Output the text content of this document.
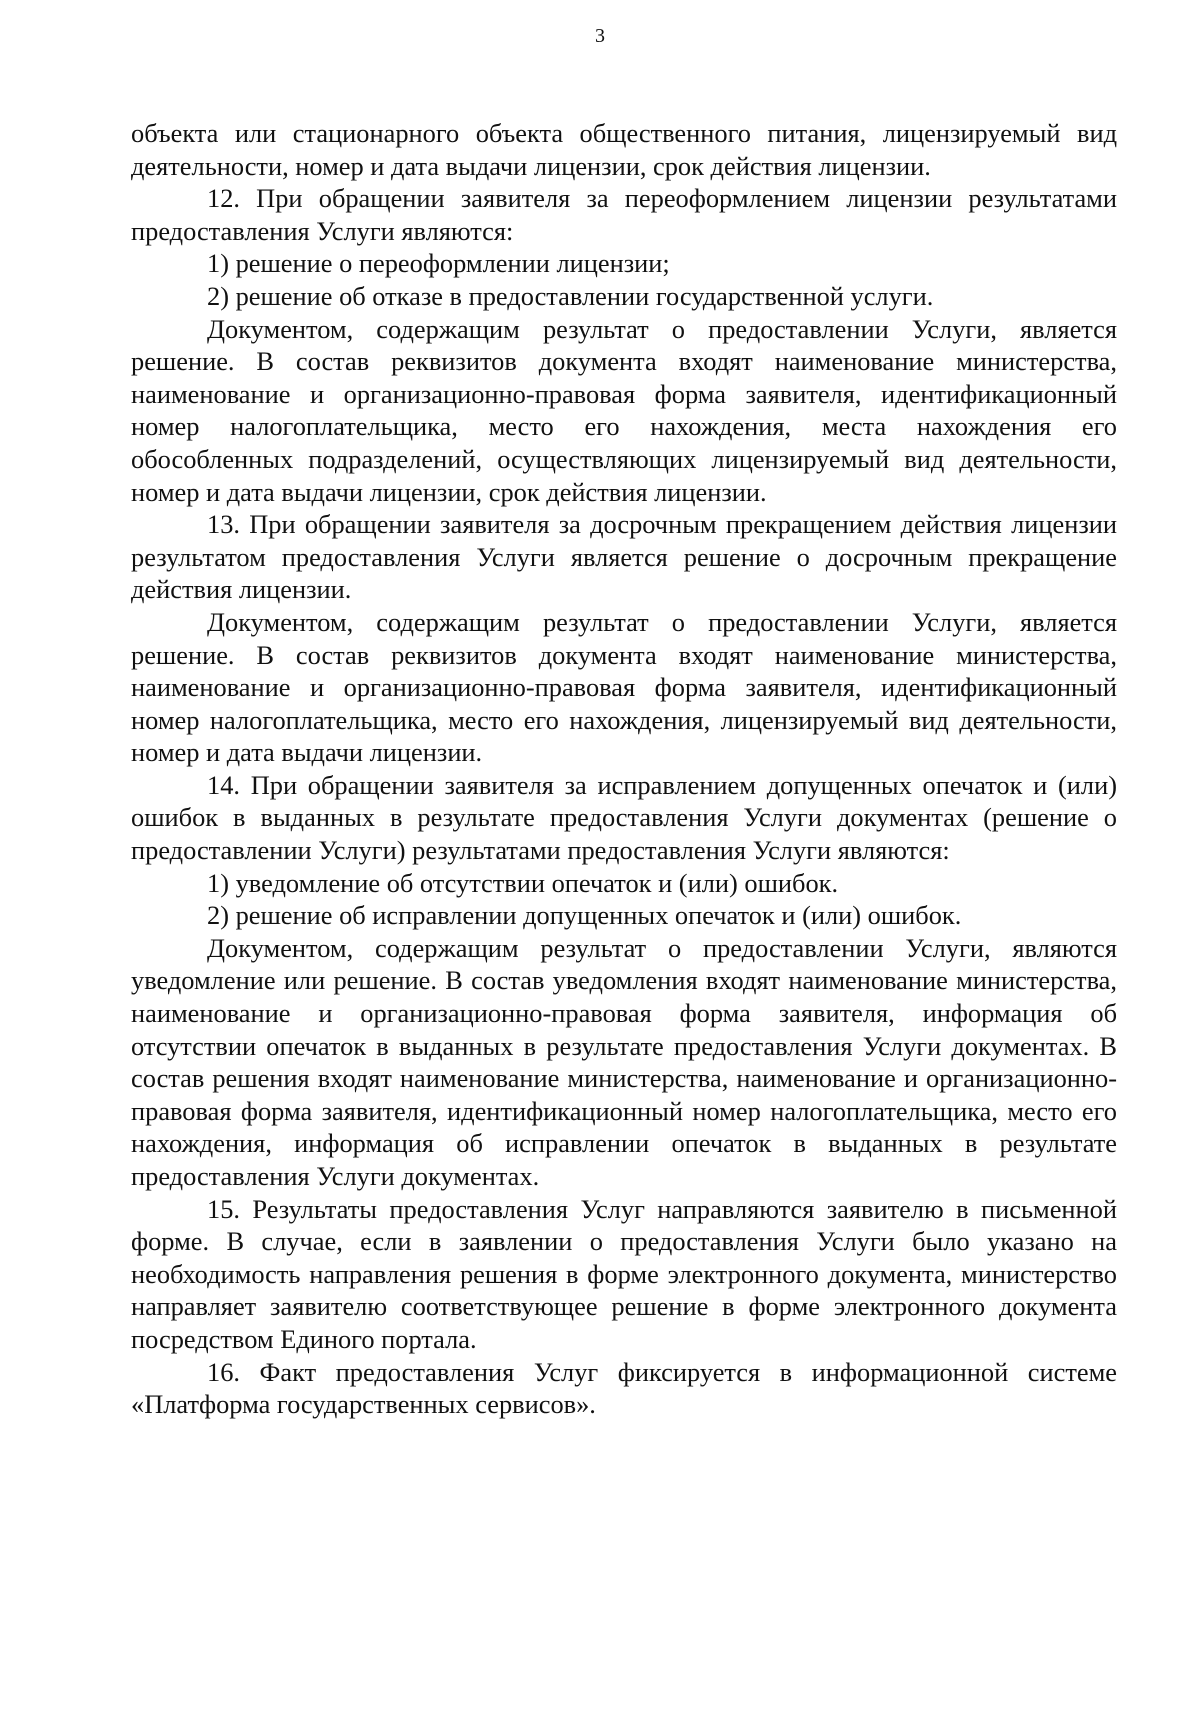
3

объекта или стационарного объекта общественного питания, лицензируемый вид деятельности, номер и дата выдачи лицензии, срок действия лицензии.

12. При обращении заявителя за переоформлением лицензии результатами предоставления Услуги являются:

1) решение о переоформлении лицензии;

2) решение об отказе в предоставлении государственной услуги.

Документом, содержащим результат о предоставлении Услуги, является решение. В состав реквизитов документа входят наименование министерства, наименование и организационно-правовая форма заявителя, идентификационный номер налогоплательщика, место его нахождения, места нахождения его обособленных подразделений, осуществляющих лицензируемый вид деятельности, номер и дата выдачи лицензии, срок действия лицензии.

13. При обращении заявителя за досрочным прекращением действия лицензии результатом предоставления Услуги является решение о досрочным прекращение действия лицензии.

Документом, содержащим результат о предоставлении Услуги, является решение. В состав реквизитов документа входят наименование министерства, наименование и организационно-правовая форма заявителя, идентификационный номер налогоплательщика, место его нахождения, лицензируемый вид деятельности, номер и дата выдачи лицензии.

14. При обращении заявителя за исправлением допущенных опечаток и (или) ошибок в выданных в результате предоставления Услуги документах (решение о предоставлении Услуги) результатами предоставления Услуги являются:

1) уведомление об отсутствии опечаток и (или) ошибок.

2) решение об исправлении допущенных опечаток и (или) ошибок.

Документом, содержащим результат о предоставлении Услуги, являются уведомление или решение. В состав уведомления входят наименование министерства, наименование и организационно-правовая форма заявителя, информация об отсутствии опечаток в выданных в результате предоставления Услуги документах. В состав решения входят наименование министерства, наименование и организационно-правовая форма заявителя, идентификационный номер налогоплательщика, место его нахождения, информация об исправлении опечаток в выданных в результате предоставления Услуги документах.

15. Результаты предоставления Услуг направляются заявителю в письменной форме. В случае, если в заявлении о предоставления Услуги было указано на необходимость направления решения в форме электронного документа, министерство направляет заявителю соответствующее решение в форме электронного документа посредством Единого портала.

16. Факт предоставления Услуг фиксируется в информационной системе «Платформа государственных сервисов».
